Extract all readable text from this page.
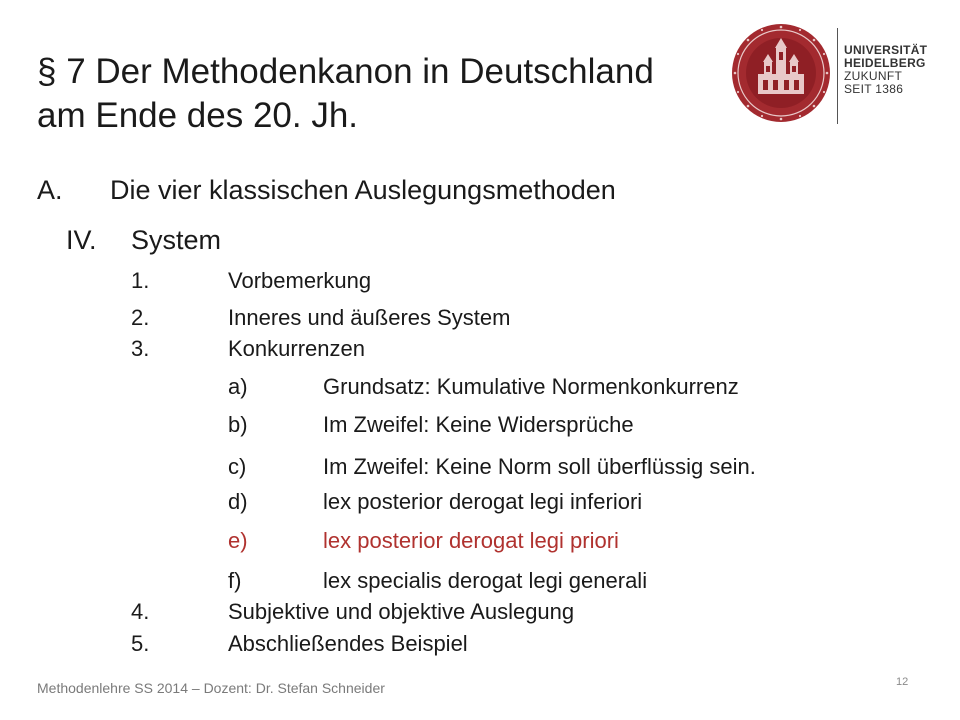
§ 7 Der Methodenkanon in Deutschland
am Ende des 20. Jh.
UNIVERSITÄT
HEIDELBERG
ZUKUNFT
SEIT 1386
A. Die vier klassischen Auslegungsmethoden
IV. System
1.	Vorbemerkung
2.	Inneres und äußeres System
3.	Konkurrenzen
a)	Grundsatz: Kumulative Normenkonkurrenz
b)	Im Zweifel: Keine Widersprüche
c)	Im Zweifel: Keine Norm soll überflüssig sein.
d)	lex posterior derogat legi inferiori
e)	lex posterior derogat legi priori
f)	lex specialis derogat legi generali
4.	Subjektive und objektive Auslegung
5.	Abschließendes Beispiel
Methodenlehre SS 2014 – Dozent: Dr. Stefan Schneider	12
